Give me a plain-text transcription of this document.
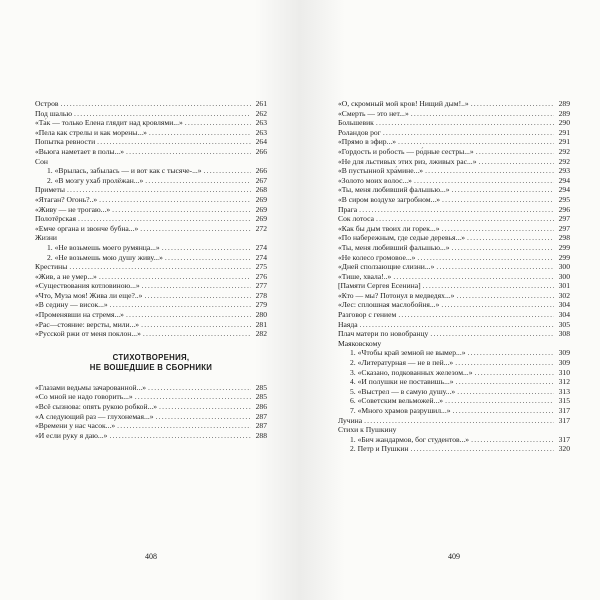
Остров .....	261
Под шалью .....	262
«Та́к — только Елена глядит над кровлями...» .....	263
«Пела как стрелы и как морены...» .....	263
Попытка ревности .....	264
«Вьюга наметает в полы...» .....	266
Сон
1. «Врылась, забылась — и вот как с тысяче-...» .....	266
2. «В мозгу ухаб пролёжан...» .....	267
Приметы .....	268
«Ятаган? Огонь?..» .....	269
«Живу — не трогаю...» .....	269
Полотёрская .....	269
«Емче органа и звонче бубна...» .....	272
Жизни
1. «Не возьмешь моего румянца...» .....	274
2. «Не возьмешь мою душу живу...» .....	274
Крестины .....	275
«Жив, а не умер...» .....	276
«Существования котловиною...» .....	277
«Что, Муза моя! Жива ли еще?..» .....	278
«В седину — висок...» .....	279
«Променявши на стремя...» .....	280
«Рас—стояние: версты, мили...» .....	281
«Русской ржи от меня поклон...» .....	282
СТИХОТВОРЕНИЯ,
НЕ ВОШЕДШИЕ В СБОРНИКИ
«Глазами ведьмы зачарованной...» .....	285
«Со мной не надо говорить...» .....	285
«Всё сызнова: опять рукою робкой...» .....	286
«А следующий раз — глухонемая...» .....	287
«Времени у нас часок...» .....	287
«И если руку я даю...» .....	288
408
«О, скромный мой кров! Нищий дым!..» .....	289
«Смерть — это нет...» .....	289
Большевик .....	290
Роландов рог .....	291
«Прямо в эфир...» .....	291
«Гордость и робость — ро́дные сестры...» .....	292
«Не для льстивых этих риз, лживых рас...» .....	292
«В пустынной хра́мине...» .....	293
«Золото моих волос...» .....	294
«Ты, меня любивший фальшью...» .....	294
«В сиром воздухе загробном...» .....	295
Прага .....	296
Сок лотоса .....	297
«Как бы дым твоих ли горек...» .....	297
«По набережным, где седые деревья...» .....	298
«Ты, меня любивший фальшью...» .....	299
«Не колесо громовое...» .....	299
«Дней сползающие слизни...» .....	300
«Тише, хвала!..» .....	300
[Памяти Сергея Есенина] .....	301
«Кто — мы? Потонул в медведях...» .....	302
«Лес: сплошная маслобойня...» .....	304
Разговор с гением .....	304
Наяда .....	305
Плач матери по новобранцу .....	308
Маяковскому
1. «Чтобы край земной не вымер...» .....	309
2. «Литературная — не в пей...» .....	309
3. «Сказано, подкованных железом...» .....	310
4. «И полушки не поставишь...» .....	312
5. «Выстрел — в самую душу...» .....	313
6. «Советским вельможей...» .....	315
7. «Много храмов разрушил...» .....	317
Лучина .....	317
Стихи к Пушкину
1. «Бич жандармов, бог студентов...» .....	317
2. Петр и Пушкин .....	320
409
